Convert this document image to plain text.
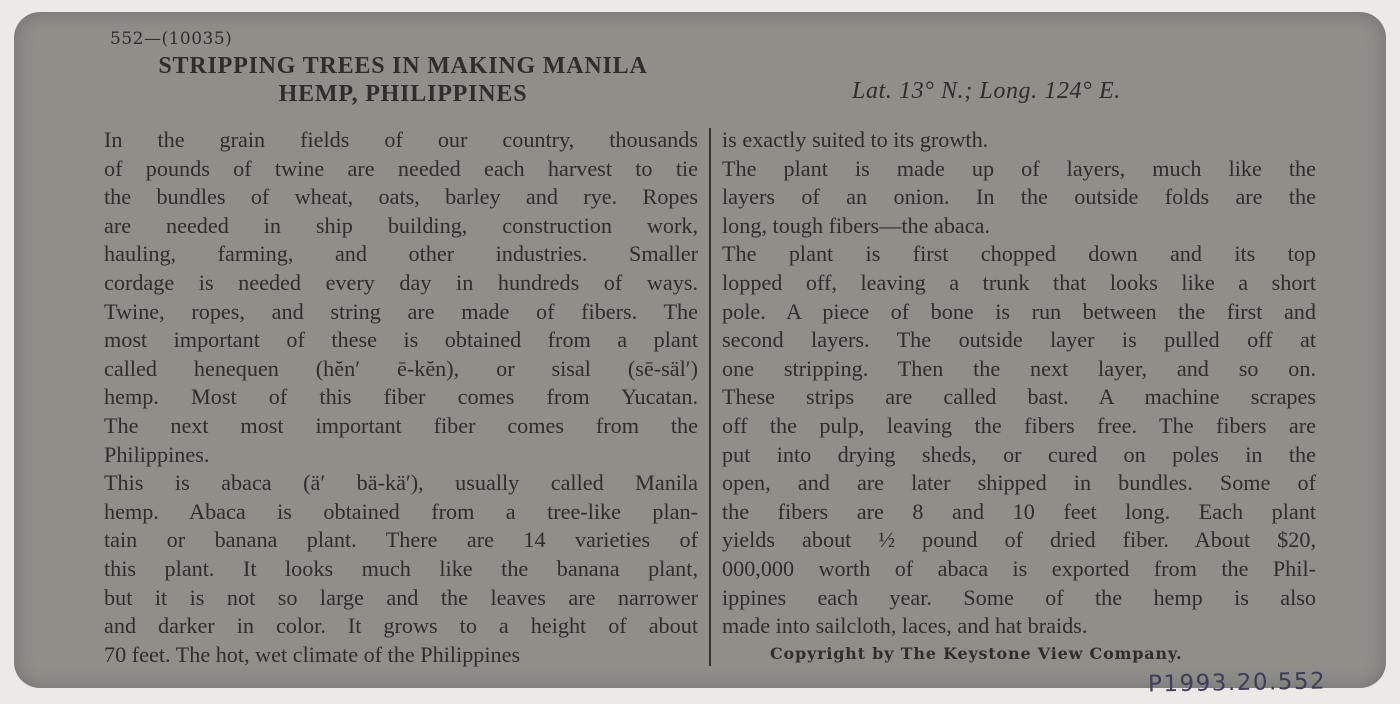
552—(10035)
STRIPPING TREES IN MAKING MANILA
HEMP, PHILIPPINES	Lat. 13° N.; Long. 124° E.
In the grain fields of our country, thousands
of pounds of twine are needed each harvest to tie
the bundles of wheat, oats, barley and rye. Ropes
are needed in ship building, construction work,
hauling, farming, and other industries. Smaller
cordage is needed every day in hundreds of ways.
Twine, ropes, and string are made of fibers. The
most important of these is obtained from a plant
called henequen (hĕn′ ē-kĕn), or sisal (sē-säl′)
hemp. Most of this fiber comes from Yucatan.
The next most important fiber comes from the
Philippines.
This is abaca (ä′ bä-kä′), usually called Manila
hemp. Abaca is obtained from a tree-like plan-
tain or banana plant. There are 14 varieties of
this plant. It looks much like the banana plant,
but it is not so large and the leaves are narrower
and darker in color. It grows to a height of about
70 feet. The hot, wet climate of the Philippines
is exactly suited to its growth.
The plant is made up of layers, much like the
layers of an onion. In the outside folds are the
long, tough fibers—the abaca.
The plant is first chopped down and its top
lopped off, leaving a trunk that looks like a short
pole. A piece of bone is run between the first and
second layers. The outside layer is pulled off at
one stripping. Then the next layer, and so on.
These strips are called bast. A machine scrapes
off the pulp, leaving the fibers free. The fibers are
put into drying sheds, or cured on poles in the
open, and are later shipped in bundles. Some of
the fibers are 8 and 10 feet long. Each plant
yields about ½ pound of dried fiber. About $20,
000,000 worth of abaca is exported from the Phil-
ippines each year. Some of the hemp is also
made into sailcloth, laces, and hat braids.
Copyright by The Keystone View Company.
P1993.20.552
